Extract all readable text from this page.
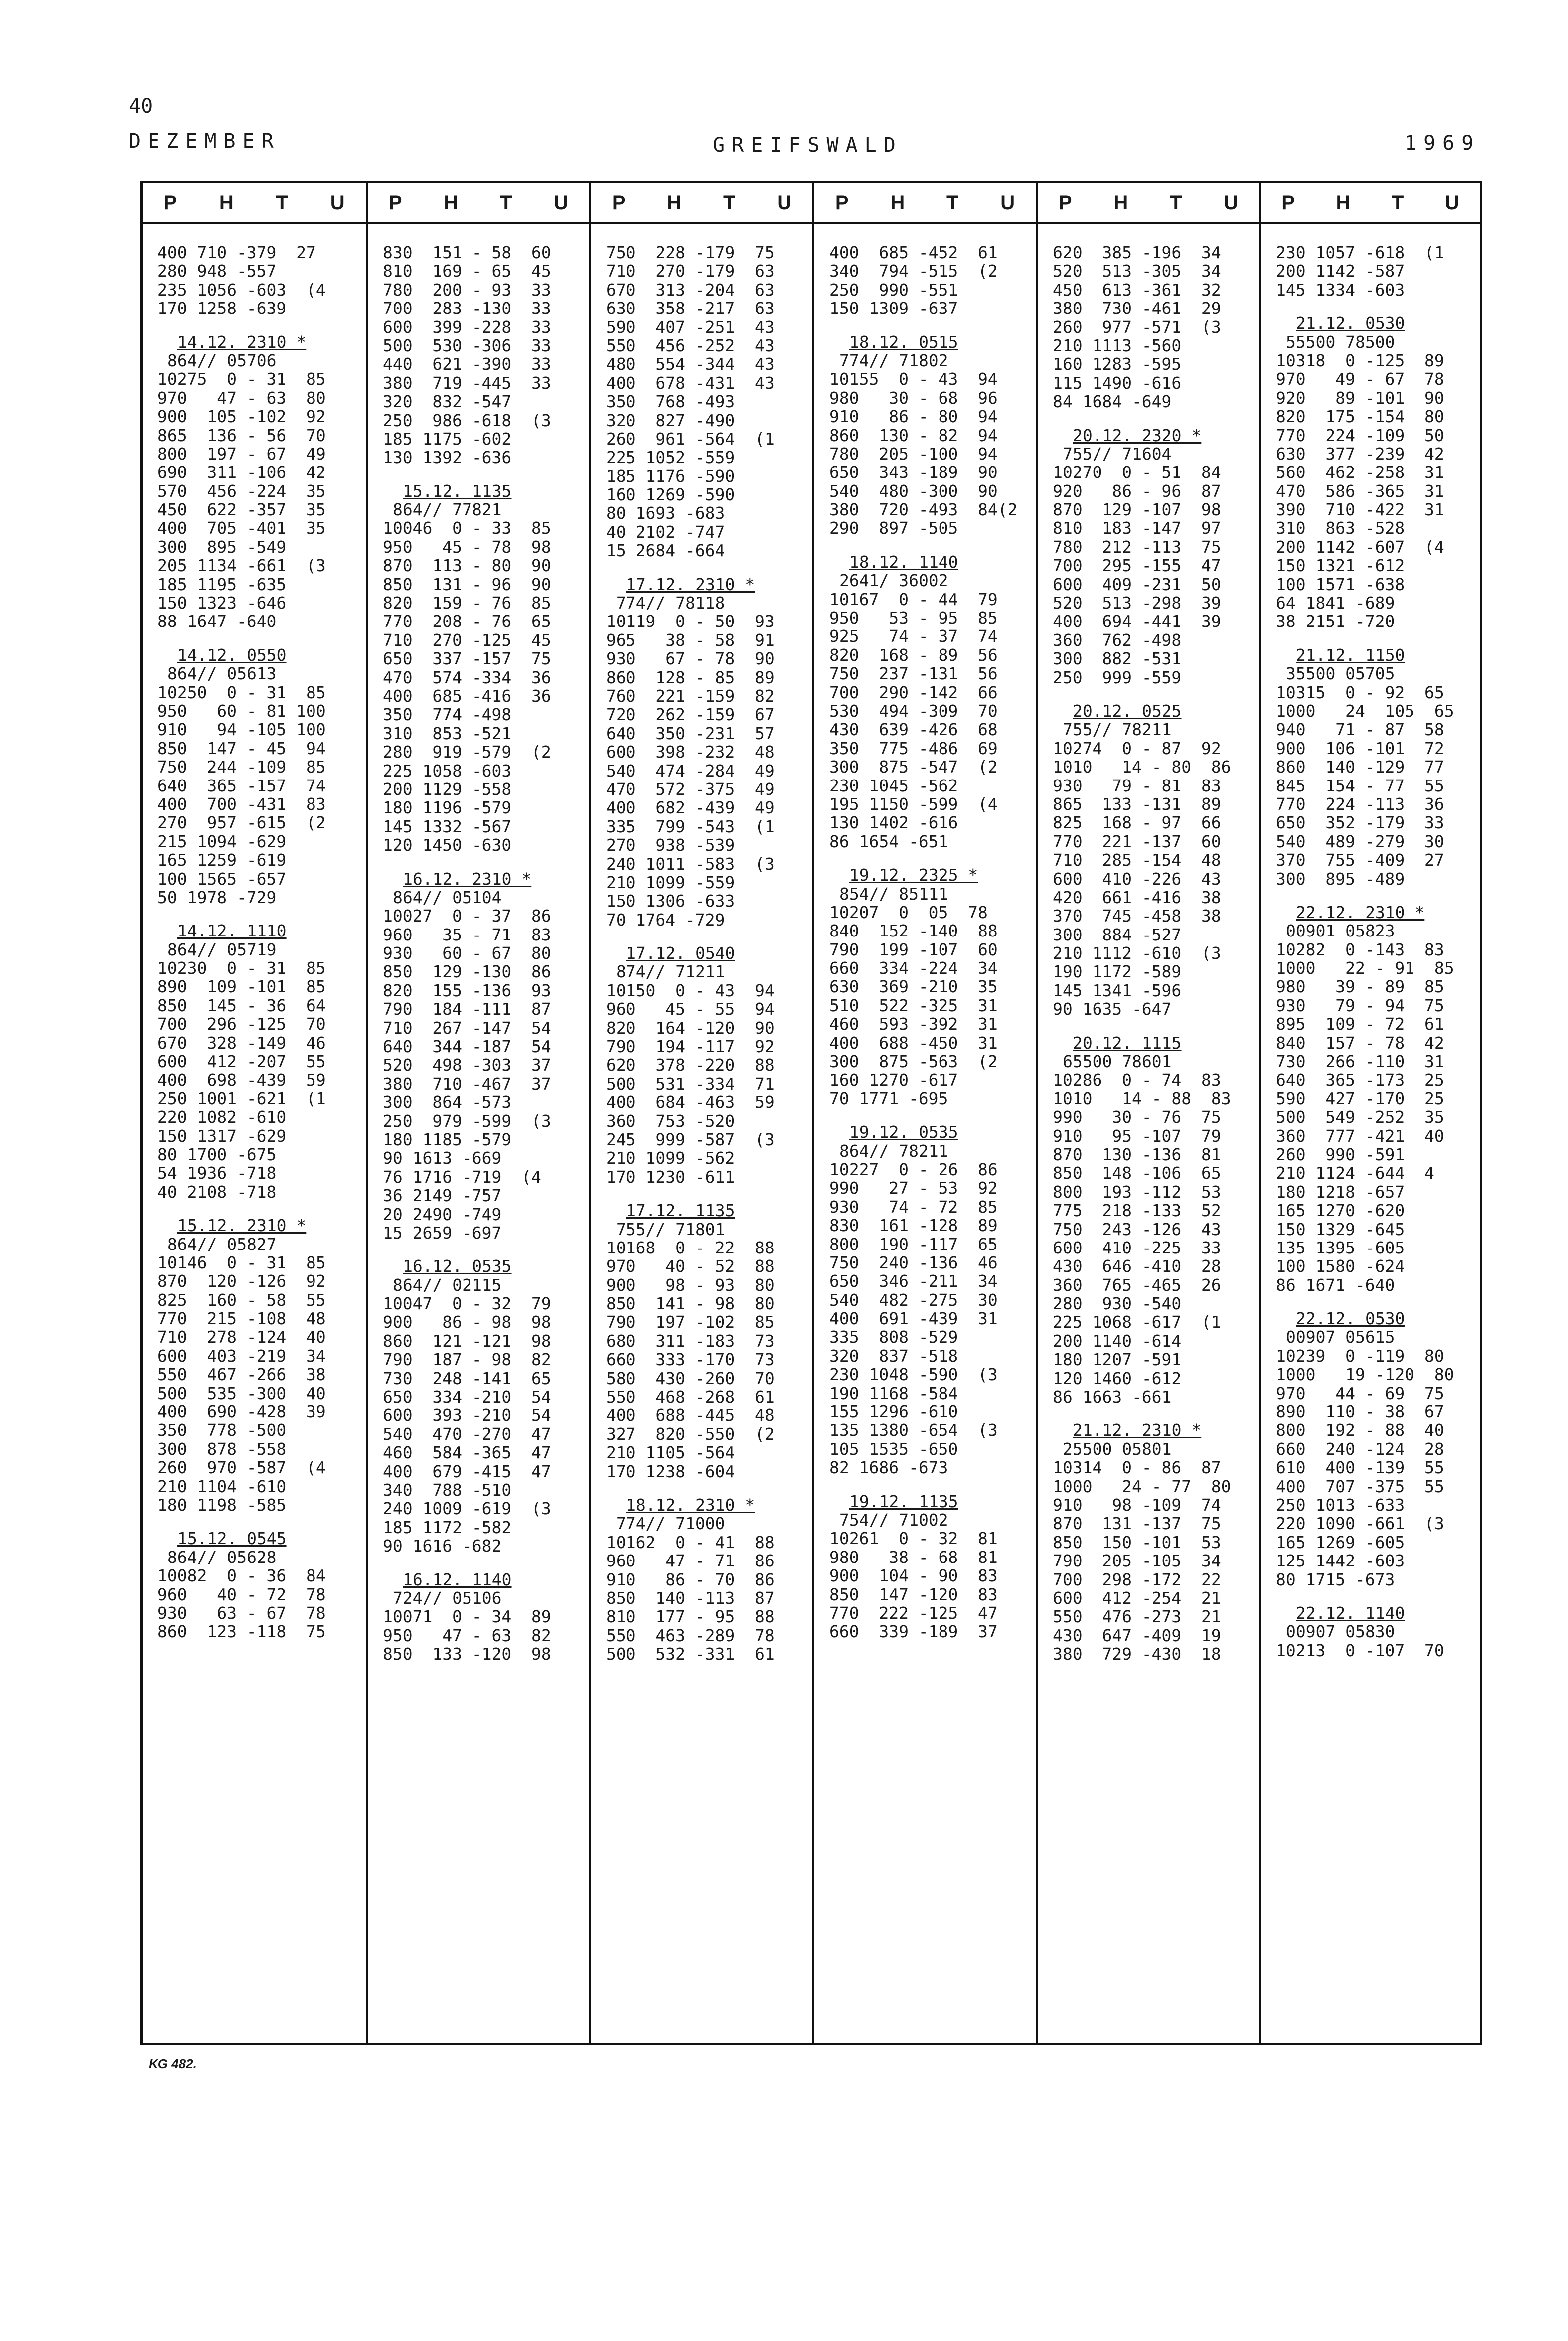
40
DEZEMBER	GREIFSWALD	1969
P H T U
400 710 -379  27
280 948 -557
235 1056 -603  (4
170 1258 -639
14.12. 2310 *
864// 05706
10275  0 - 31  85
970   47 - 63  80
900  105 -102  92
865  136 - 56  70
800  197 - 67  49
690  311 -106  42
570  456 -224  35
450  622 -357  35
400  705 -401  35
300  895 -549
205 1134 -661  (3
185 1195 -635
150 1323 -646
88 1647 -640
14.12. 0550
864// 05613
10250  0 - 31  85
950   60 - 81 100
910   94 -105 100
850  147 - 45  94
750  244 -109  85
640  365 -157  74
400  700 -431  83
270  957 -615  (2
215 1094 -629
165 1259 -619
100 1565 -657
50 1978 -729
14.12. 1110
864// 05719
10230  0 - 31  85
890  109 -101  85
850  145 - 36  64
700  296 -125  70
670  328 -149  46
600  412 -207  55
400  698 -439  59
250 1001 -621  (1
220 1082 -610
150 1317 -629
80 1700 -675
54 1936 -718
40 2108 -718
15.12. 2310 *
864// 05827
10146  0 - 31  85
870  120 -126  92
825  160 - 58  55
770  215 -108  48
710  278 -124  40
600  403 -219  34
550  467 -266  38
500  535 -300  40
400  690 -428  39
350  778 -500
300  878 -558
260  970 -587  (4
210 1104 -610
180 1198 -585
15.12. 0545
864// 05628
10082  0 - 36  84
960   40 - 72  78
930   63 - 67  78
860  123 -118  75
P H T U
830  151 - 58  60
810  169 - 65  45
780  200 - 93  33
700  283 -130  33
600  399 -228  33
500  530 -306  33
440  621 -390  33
380  719 -445  33
320  832 -547
250  986 -618  (3
185 1175 -602
130 1392 -636
15.12. 1135
864// 77821
10046  0 - 33  85
950   45 - 78  98
870  113 - 80  90
850  131 - 96  90
820  159 - 76  85
770  208 - 76  65
710  270 -125  45
650  337 -157  75
470  574 -334  36
400  685 -416  36
350  774 -498
310  853 -521
280  919 -579  (2
225 1058 -603
200 1129 -558
180 1196 -579
145 1332 -567
120 1450 -630
16.12. 2310 *
864// 05104
10027  0 - 37  86
960   35 - 71  83
930   60 - 67  80
850  129 -130  86
820  155 -136  93
790  184 -111  87
710  267 -147  54
640  344 -187  54
520  498 -303  37
380  710 -467  37
300  864 -573
250  979 -599  (3
180 1185 -579
90 1613 -669
76 1716 -719  (4
36 2149 -757
20 2490 -749
15 2659 -697
16.12. 0535
864// 02115
10047  0 - 32  79
900   86 - 98  98
860  121 -121  98
790  187 - 98  82
730  248 -141  65
650  334 -210  54
600  393 -210  54
540  470 -270  47
460  584 -365  47
400  679 -415  47
340  788 -510
240 1009 -619  (3
185 1172 -582
90 1616 -682
16.12. 1140
724// 05106
10071  0 - 34  89
950   47 - 63  82
850  133 -120  98
P H T U
750  228 -179  75
710  270 -179  63
670  313 -204  63
630  358 -217  63
590  407 -251  43
550  456 -252  43
480  554 -344  43
400  678 -431  43
350  768 -493
320  827 -490
260  961 -564  (1
225 1052 -559
185 1176 -590
160 1269 -590
80 1693 -683
40 2102 -747
15 2684 -664
17.12. 2310 *
774// 78118
10119  0 - 50  93
965   38 - 58  91
930   67 - 78  90
860  128 - 85  89
760  221 -159  82
720  262 -159  67
640  350 -231  57
600  398 -232  48
540  474 -284  49
470  572 -375  49
400  682 -439  49
335  799 -543  (1
270  938 -539
240 1011 -583  (3
210 1099 -559
150 1306 -633
70 1764 -729
17.12. 0540
874// 71211
10150  0 - 43  94
960   45 - 55  94
820  164 -120  90
790  194 -117  92
620  378 -220  88
500  531 -334  71
400  684 -463  59
360  753 -520
245  999 -587  (3
210 1099 -562
170 1230 -611
17.12. 1135
755// 71801
10168  0 - 22  88
970   40 - 52  88
900   98 - 93  80
850  141 - 98  80
790  197 -102  85
680  311 -183  73
660  333 -170  73
580  430 -260  70
550  468 -268  61
400  688 -445  48
327  820 -550  (2
210 1105 -564
170 1238 -604
18.12. 2310 *
774// 71000
10162  0 - 41  88
960   47 - 71  86
910   86 - 70  86
850  140 -113  87
810  177 - 95  88
550  463 -289  78
500  532 -331  61
P H T U
400  685 -452  61
340  794 -515  (2
250  990 -551
150 1309 -637
18.12. 0515
774// 71802
10155  0 - 43  94
980   30 - 68  96
910   86 - 80  94
860  130 - 82  94
780  205 -100  94
650  343 -189  90
540  480 -300  90
380  720 -493  84(2
290  897 -505
18.12. 1140
2641/ 36002
10167  0 - 44  79
950   53 - 95  85
925   74 - 37  74
820  168 - 89  56
750  237 -131  56
700  290 -142  66
530  494 -309  70
430  639 -426  68
350  775 -486  69
300  875 -547  (2
230 1045 -562
195 1150 -599  (4
130 1402 -616
86 1654 -651
19.12. 2325 *
854// 85111
10207  0  05  78
840  152 -140  88
790  199 -107  60
660  334 -224  34
630  369 -210  35
510  522 -325  31
460  593 -392  31
400  688 -450  31
300  875 -563  (2
160 1270 -617
70 1771 -695
19.12. 0535
864// 78211
10227  0 - 26  86
990   27 - 53  92
930   74 - 72  85
830  161 -128  89
800  190 -117  65
750  240 -136  46
650  346 -211  34
540  482 -275  30
400  691 -439  31
335  808 -529
320  837 -518
230 1048 -590  (3
190 1168 -584
155 1296 -610
135 1380 -654  (3
105 1535 -650
82 1686 -673
19.12. 1135
754// 71002
10261  0 - 32  81
980   38 - 68  81
900  104 - 90  83
850  147 -120  83
770  222 -125  47
660  339 -189  37
P H T U
620  385 -196  34
520  513 -305  34
450  613 -361  32
380  730 -461  29
260  977 -571  (3
210 1113 -560
160 1283 -595
115 1490 -616
84 1684 -649
20.12. 2320 *
755// 71604
10270  0 - 51  84
920   86 - 96  87
870  129 -107  98
810  183 -147  97
780  212 -113  75
700  295 -155  47
600  409 -231  50
520  513 -298  39
400  694 -441  39
360  762 -498
300  882 -531
250  999 -559
20.12. 0525
755// 78211
10274  0 - 87  92
1010   14 - 80  86
930   79 - 81  83
865  133 -131  89
825  168 - 97  66
770  221 -137  60
710  285 -154  48
600  410 -226  43
420  661 -416  38
370  745 -458  38
300  884 -527
210 1112 -610  (3
190 1172 -589
145 1341 -596
90 1635 -647
20.12. 1115
65500 78601
10286  0 - 74  83
1010   14 - 88  83
990   30 - 76  75
910   95 -107  79
870  130 -136  81
850  148 -106  65
800  193 -112  53
775  218 -133  52
750  243 -126  43
600  410 -225  33
430  646 -410  28
360  765 -465  26
280  930 -540
225 1068 -617  (1
200 1140 -614
180 1207 -591
120 1460 -612
86 1663 -661
21.12. 2310 *
25500 05801
10314  0 - 86  87
1000   24 - 77  80
910   98 -109  74
870  131 -137  75
850  150 -101  53
790  205 -105  34
700  298 -172  22
600  412 -254  21
550  476 -273  21
430  647 -409  19
380  729 -430  18
P H T U
230 1057 -618  (1
200 1142 -587
145 1334 -603
21.12. 0530
55500 78500
10318  0 -125  89
970   49 - 67  78
920   89 -101  90
820  175 -154  80
770  224 -109  50
630  377 -239  42
560  462 -258  31
470  586 -365  31
390  710 -422  31
310  863 -528
200 1142 -607  (4
150 1321 -612
100 1571 -638
64 1841 -689
38 2151 -720
21.12. 1150
35500 05705
10315  0 - 92  65
1000   24  105  65
940   71 - 87  58
900  106 -101  72
860  140 -129  77
845  154 - 77  55
770  224 -113  36
650  352 -179  33
540  489 -279  30
370  755 -409  27
300  895 -489
22.12. 2310 *
00901 05823
10282  0 -143  83
1000   22 - 91  85
980   39 - 89  85
930   79 - 94  75
895  109 - 72  61
840  157 - 78  42
730  266 -110  31
640  365 -173  25
590  427 -170  25
500  549 -252  35
360  777 -421  40
260  990 -591
210 1124 -644  4
180 1218 -657
165 1270 -620
150 1329 -645
135 1395 -605
100 1580 -624
86 1671 -640
22.12. 0530
00907 05615
10239  0 -119  80
1000   19 -120  80
970   44 - 69  75
890  110 - 38  67
800  192 - 88  40
660  240 -124  28
610  400 -139  55
400  707 -375  55
250 1013 -633
220 1090 -661  (3
165 1269 -605
125 1442 -603
80 1715 -673
22.12. 1140
00907 05830
10213  0 -107  70
KG 482.
